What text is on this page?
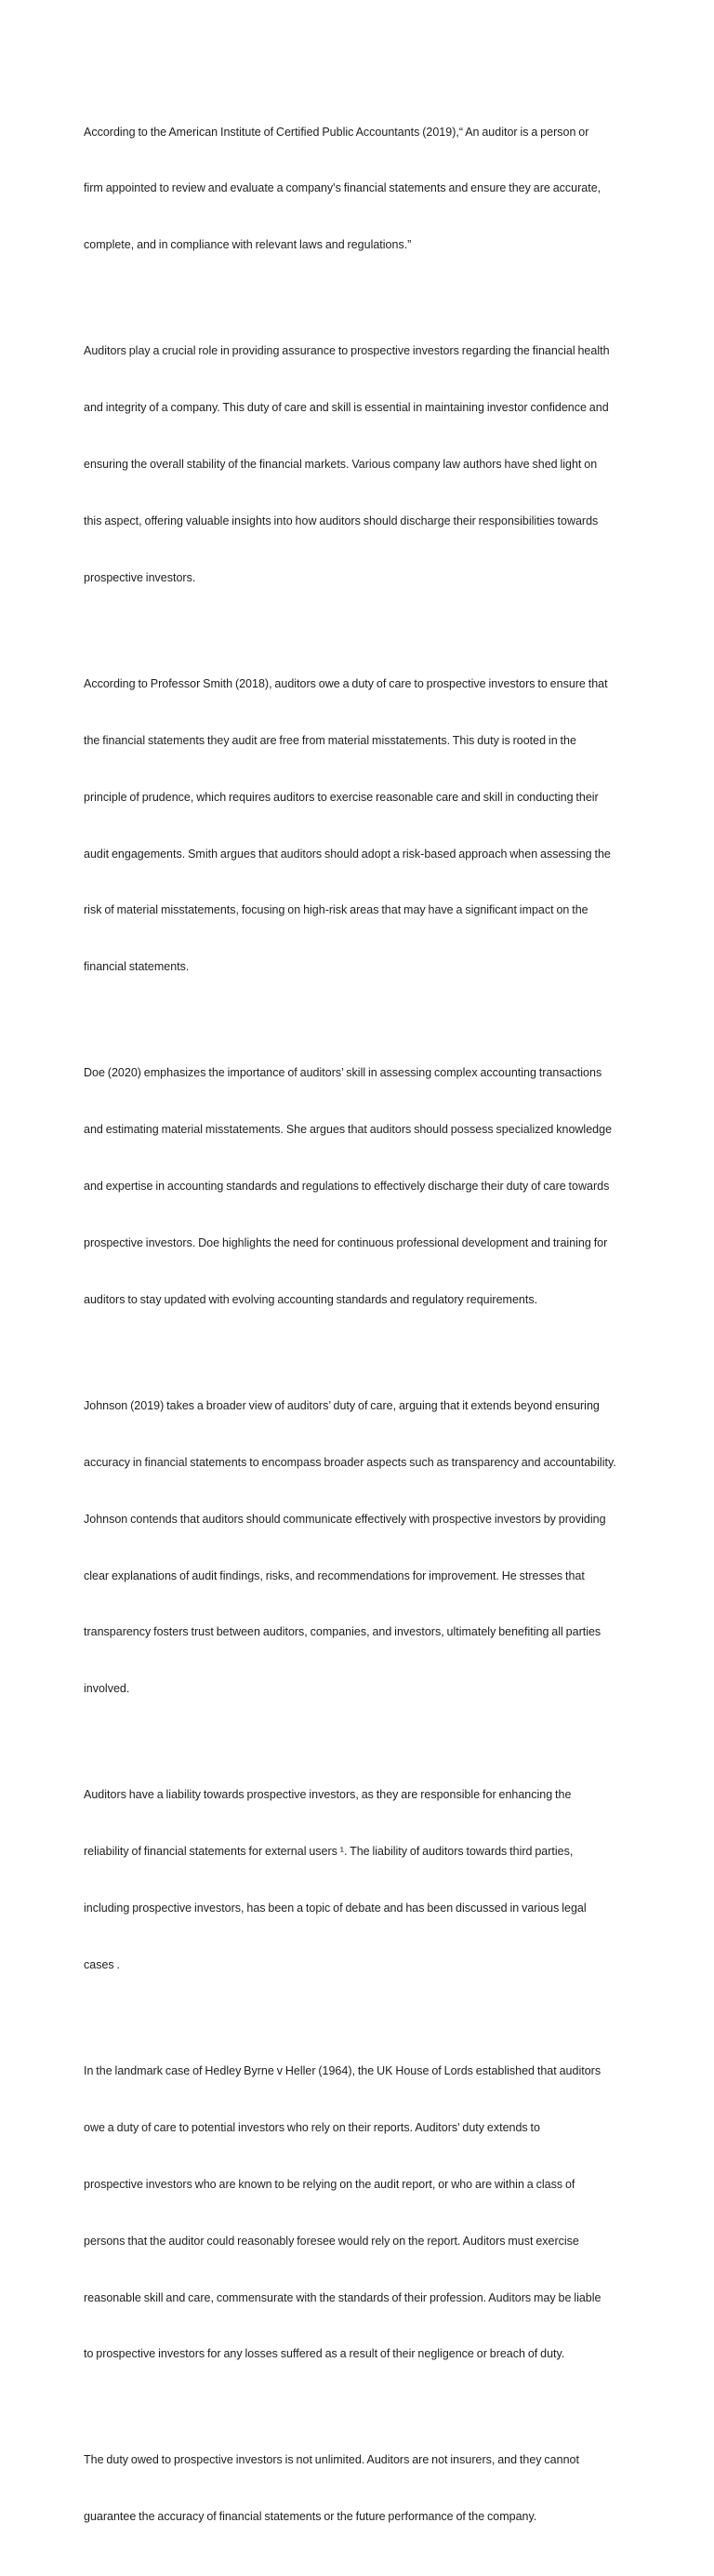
According to the American Institute of Certified Public Accountants (2019),“ An auditor is a person or

firm appointed to review and evaluate a company's financial statements and ensure they are accurate,

complete, and in compliance with relevant laws and regulations.”

Auditors play a crucial role in providing assurance to prospective investors regarding the financial health

and integrity of a company. This duty of care and skill is essential in maintaining investor confidence and

ensuring the overall stability of the financial markets. Various company law authors have shed light on

this aspect, offering valuable insights into how auditors should discharge their responsibilities towards

prospective investors.

According to Professor Smith (2018), auditors owe a duty of care to prospective investors to ensure that

the financial statements they audit are free from material misstatements. This duty is rooted in the

principle of prudence, which requires auditors to exercise reasonable care and skill in conducting their

audit engagements. Smith argues that auditors should adopt a risk-based approach when assessing the

risk of material misstatements, focusing on high-risk areas that may have a significant impact on the

financial statements.

Doe (2020) emphasizes the importance of auditors’ skill in assessing complex accounting transactions

and estimating material misstatements. She argues that auditors should possess specialized knowledge

and expertise in accounting standards and regulations to effectively discharge their duty of care towards

prospective investors. Doe highlights the need for continuous professional development and training for

auditors to stay updated with evolving accounting standards and regulatory requirements.

Johnson (2019) takes a broader view of auditors’ duty of care, arguing that it extends beyond ensuring

accuracy in financial statements to encompass broader aspects such as transparency and accountability.

Johnson contends that auditors should communicate effectively with prospective investors by providing

clear explanations of audit findings, risks, and recommendations for improvement. He stresses that

transparency fosters trust between auditors, companies, and investors, ultimately benefiting all parties

involved.

Auditors have a liability towards prospective investors, as they are responsible for enhancing the

reliability of financial statements for external users ¹. The liability of auditors towards third parties,

including prospective investors, has been a topic of debate and has been discussed in various legal

cases .

In the landmark case of Hedley Byrne v Heller (1964), the UK House of Lords established that auditors

owe a duty of care to potential investors who rely on their reports. Auditors' duty extends to

prospective investors who are known to be relying on the audit report, or who are within a class of

persons that the auditor could reasonably foresee would rely on the report. Auditors must exercise

reasonable skill and care, commensurate with the standards of their profession. Auditors may be liable

to prospective investors for any losses suffered as a result of their negligence or breach of duty.

The duty owed to prospective investors is not unlimited. Auditors are not insurers, and they cannot

guarantee the accuracy of financial statements or the future performance of the company.
